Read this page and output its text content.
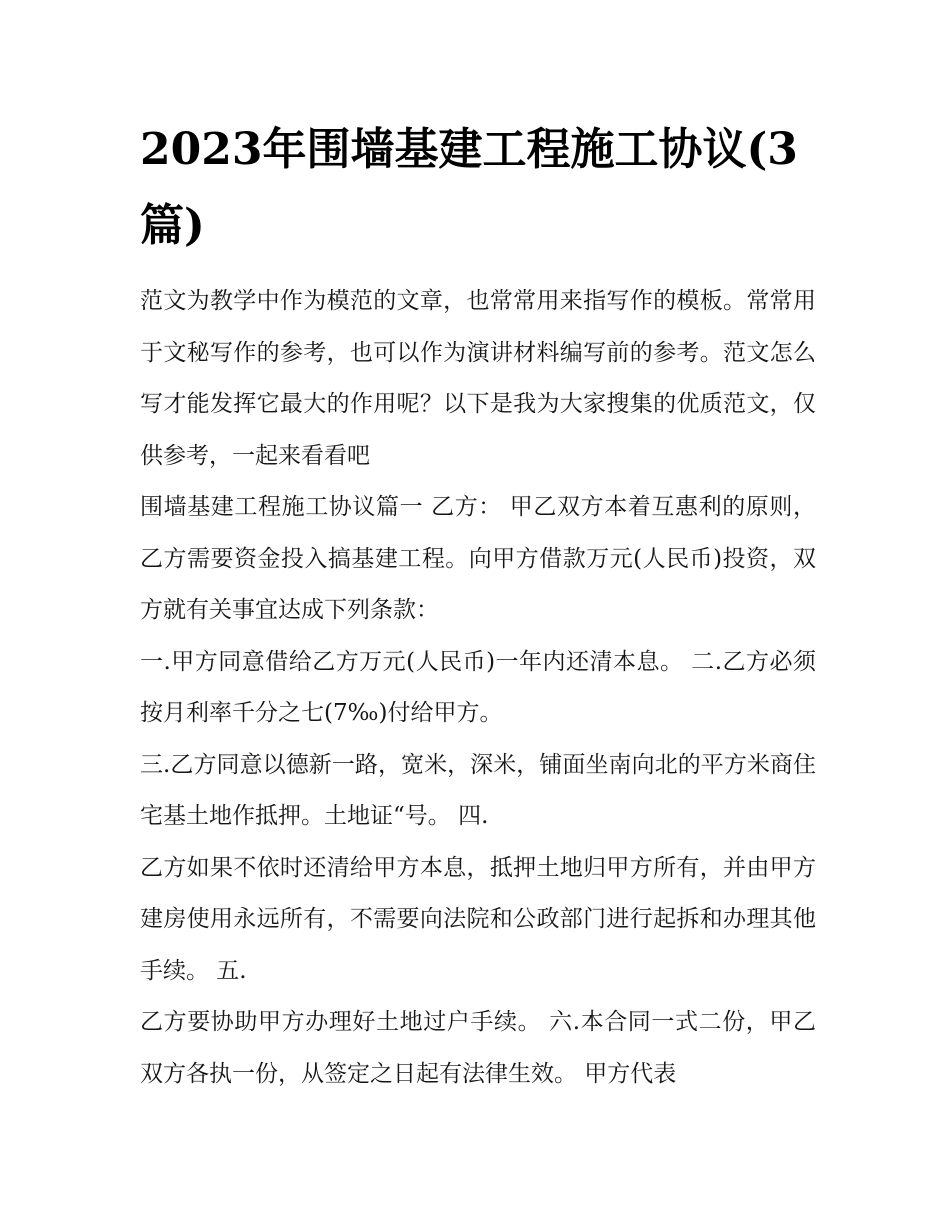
2023年围墙基建工程施工协议(3篇)

范文为教学中作为模范的文章，也常常用来指写作的模板。常常用于文秘写作的参考，也可以作为演讲材料编写前的参考。范文怎么写才能发挥它最大的作用呢？以下是我为大家搜集的优质范文，仅供参考，一起来看看吧

围墙基建工程施工协议篇一 乙方： 甲乙双方本着互惠利的原则，乙方需要资金投入搞基建工程。向甲方借款万元(人民币)投资，双方就有关事宜达成下列条款：

一.甲方同意借给乙方万元(人民币)一年内还清本息。 二.乙方必须按月利率千分之七(7‰)付给甲方。

三.乙方同意以德新一路，宽米，深米，铺面坐南向北的平方米商住宅基土地作抵押。土地证“号。 四.

乙方如果不依时还清给甲方本息，抵押土地归甲方所有，并由甲方建房使用永远所有，不需要向法院和公政部门进行起拆和办理其他手续。 五.

乙方要协助甲方办理好土地过户手续。 六.本合同一式二份，甲乙双方各执一份，从签定之日起有法律生效。 甲方代表
